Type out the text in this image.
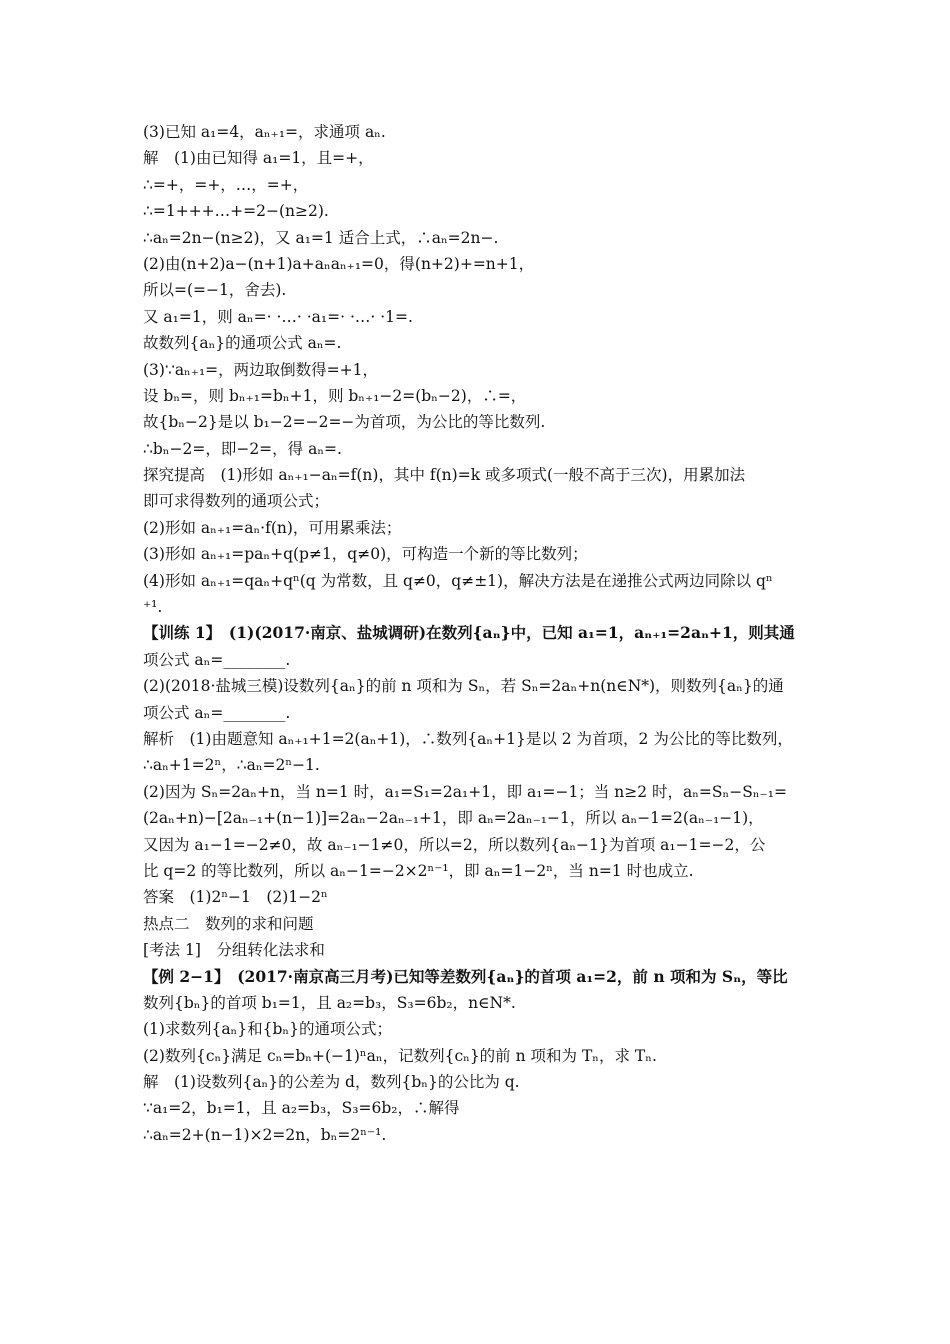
(3)已知 a₁=4，aₙ₊₁=，求通项 aₙ.
解　(1)由已知得 a₁=1，且=+，
∴=+，=+，…，=+，
∴=1+++…+=2−(n≥2).
∴aₙ=2n−(n≥2)，又 a₁=1 适合上式，∴aₙ=2n−.
(2)由(n+2)a−(n+1)a+aₙaₙ₊₁=0，得(n+2)+=n+1，
所以=(=−1，舍去).
又 a₁=1，则 aₙ=· ·…· ·a₁=· ·…· ·1=.
故数列{aₙ}的通项公式 aₙ=.
(3)∵aₙ₊₁=，两边取倒数得=+1，
设 bₙ=，则 bₙ₊₁=bₙ+1，则 bₙ₊₁−2=(bₙ−2)，∴=，
故{bₙ−2}是以 b₁−2=−2=−为首项，为公比的等比数列.
∴bₙ−2=，即−2=，得 aₙ=.
探究提高　(1)形如 aₙ₊₁−aₙ=f(n)，其中 f(n)=k 或多项式(一般不高于三次)，用累加法
即可求得数列的通项公式；
(2)形如 aₙ₊₁=aₙ·f(n)，可用累乘法；
(3)形如 aₙ₊₁=paₙ+q(p≠1，q≠0)，可构造一个新的等比数列；
(4)形如 aₙ₊₁=qaₙ+qⁿ(q 为常数，且 q≠0，q≠±1)，解决方法是在递推公式两边同除以 qⁿ
⁺¹.
【训练 1】　(1)(2017·南京、盐城调研)在数列{aₙ}中，已知 a₁=1，aₙ₊₁=2aₙ+1，则其通
项公式 aₙ=________.
(2)(2018·盐城三模)设数列{aₙ}的前 n 项和为 Sₙ，若 Sₙ=2aₙ+n(n∈N*)，则数列{aₙ}的通
项公式 aₙ=________.
解析　(1)由题意知 aₙ₊₁+1=2(aₙ+1)，∴数列{aₙ+1}是以 2 为首项，2 为公比的等比数列，
∴aₙ+1=2ⁿ，∴aₙ=2ⁿ−1.
(2)因为 Sₙ=2aₙ+n，当 n=1 时，a₁=S₁=2a₁+1，即 a₁=−1；当 n≥2 时，aₙ=Sₙ−Sₙ₋₁=
(2aₙ+n)−[2aₙ₋₁+(n−1)]=2aₙ−2aₙ₋₁+1，即 aₙ=2aₙ₋₁−1，所以 aₙ−1=2(aₙ₋₁−1)，
又因为 a₁−1=−2≠0，故 aₙ₋₁−1≠0，所以=2，所以数列{aₙ−1}为首项 a₁−1=−2，公
比 q=2 的等比数列，所以 aₙ−1=−2×2ⁿ⁻¹，即 aₙ=1−2ⁿ，当 n=1 时也成立.
答案　(1)2ⁿ−1　(2)1−2ⁿ
热点二　数列的求和问题
[考法 1]　分组转化法求和
【例 2−1】　(2017·南京高三月考)已知等差数列{aₙ}的首项 a₁=2，前 n 项和为 Sₙ，等比
数列{bₙ}的首项 b₁=1，且 a₂=b₃，S₃=6b₂，n∈N*.
(1)求数列{aₙ}和{bₙ}的通项公式；
(2)数列{cₙ}满足 cₙ=bₙ+(−1)ⁿaₙ，记数列{cₙ}的前 n 项和为 Tₙ，求 Tₙ.
解　(1)设数列{aₙ}的公差为 d，数列{bₙ}的公比为 q.
∵a₁=2，b₁=1，且 a₂=b₃，S₃=6b₂，∴解得
∴aₙ=2+(n−1)×2=2n，bₙ=2ⁿ⁻¹.
